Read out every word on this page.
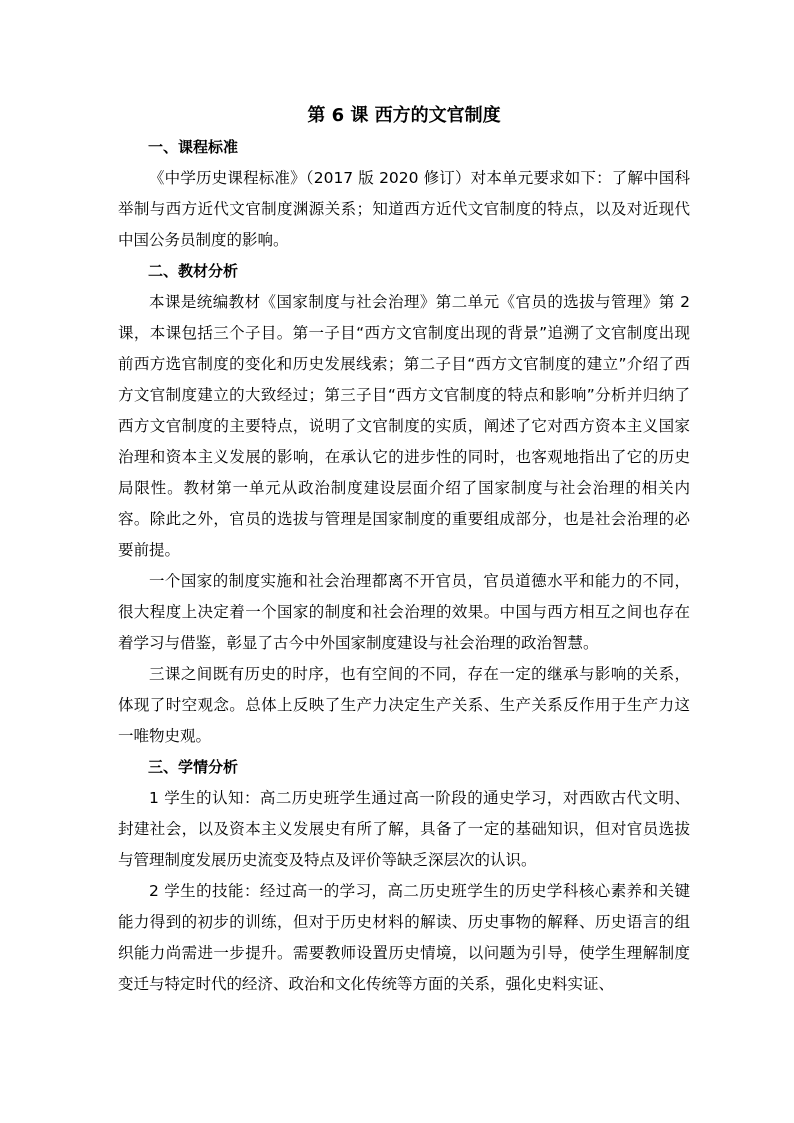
第 6 课 西方的文官制度

一、课程标准

《中学历史课程标准》（2017 版 2020 修订）对本单元要求如下：了解中国科举制与西方近代文官制度渊源关系；知道西方近代文官制度的特点，以及对近现代中国公务员制度的影响。

二、教材分析

本课是统编教材《国家制度与社会治理》第二单元《官员的选拔与管理》第 2 课，本课包括三个子目。第一子目“西方文官制度出现的背景”追溯了文官制度出现前西方选官制度的变化和历史发展线索；第二子目“西方文官制度的建立”介绍了西方文官制度建立的大致经过；第三子目“西方文官制度的特点和影响”分析并归纳了西方文官制度的主要特点，说明了文官制度的实质，阐述了它对西方资本主义国家治理和资本主义发展的影响，在承认它的进步性的同时，也客观地指出了它的历史局限性。教材第一单元从政治制度建设层面介绍了国家制度与社会治理的相关内容。除此之外，官员的选拔与管理是国家制度的重要组成部分，也是社会治理的必要前提。

一个国家的制度实施和社会治理都离不开官员，官员道德水平和能力的不同，很大程度上决定着一个国家的制度和社会治理的效果。中国与西方相互之间也存在着学习与借鉴，彰显了古今中外国家制度建设与社会治理的政治智慧。

三课之间既有历史的时序，也有空间的不同，存在一定的继承与影响的关系，体现了时空观念。总体上反映了生产力决定生产关系、生产关系反作用于生产力这一唯物史观。

三、学情分析

1 学生的认知：高二历史班学生通过高一阶段的通史学习，对西欧古代文明、封建社会，以及资本主义发展史有所了解，具备了一定的基础知识，但对官员选拔与管理制度发展历史流变及特点及评价等缺乏深层次的认识。

2 学生的技能：经过高一的学习，高二历史班学生的历史学科核心素养和关键能力得到的初步的训练，但对于历史材料的解读、历史事物的解释、历史语言的组织能力尚需进一步提升。需要教师设置历史情境，以问题为引导，使学生理解制度变迁与特定时代的经济、政治和文化传统等方面的关系，强化史料实证、
